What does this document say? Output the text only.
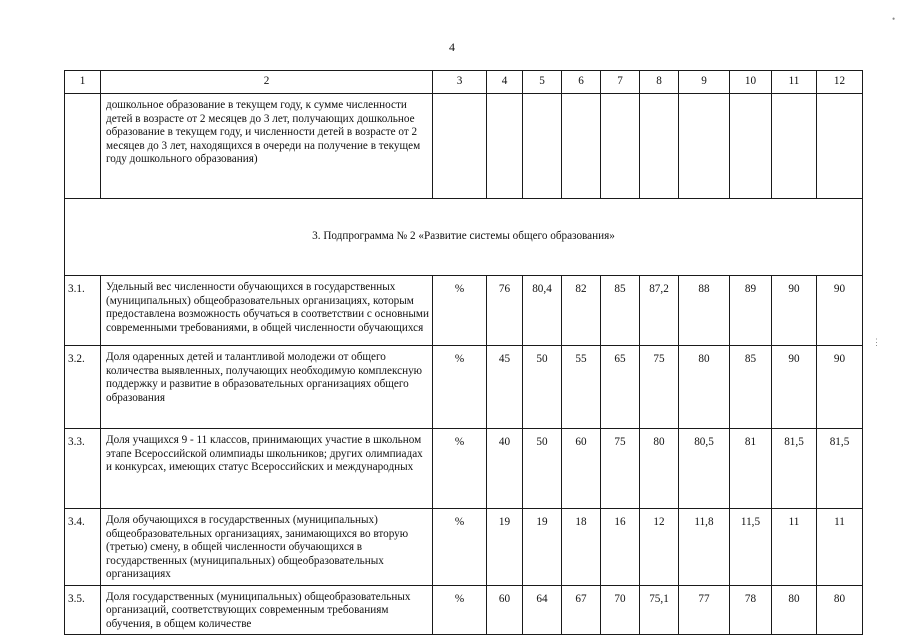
4
•
⋮
1	2	3	4	5	6	7	8	9	10	11	12
	дошкольное образование в текущем году, к сумме численности детей в возрасте от 2 месяцев до 3 лет, получающих дошкольное образование в текущем году, и численности детей в возрасте от 2 месяцев до 3 лет, находящихся в очереди на получение в текущем году дошкольного образования)										
3. Подпрограмма № 2 «Развитие системы общего образования»											
3.1.	Удельный вес численности обучающихся в государственных (муниципальных) общеобразовательных организациях, которым предоставлена возможность обучаться в соответствии с основными современными требованиями, в общей численности обучающихся	%	76	80,4	82	85	87,2	88	89	90	90
3.2.	Доля одаренных детей и талантливой молодежи от общего количества выявленных, получающих необходимую комплексную поддержку и развитие в образовательных организациях общего образования	%	45	50	55	65	75	80	85	90	90
3.3.	Доля учащихся 9 - 11 классов, принимающих участие в школьном этапе Всероссийской олимпиады школьников; других олимпиадах и конкурсах, имеющих статус Всероссийских и международных	%	40	50	60	75	80	80,5	81	81,5	81,5
3.4.	Доля обучающихся в государственных (муниципальных) общеобразовательных организациях, занимающихся во вторую (третью) смену, в общей численности обучающихся в государственных (муниципальных) общеобразовательных организациях	%	19	19	18	16	12	11,8	11,5	11	11
3.5.	Доля государственных (муниципальных) общеобразовательных организаций, соответствующих современным требованиям обучения, в общем количестве	%	60	64	67	70	75,1	77	78	80	80
